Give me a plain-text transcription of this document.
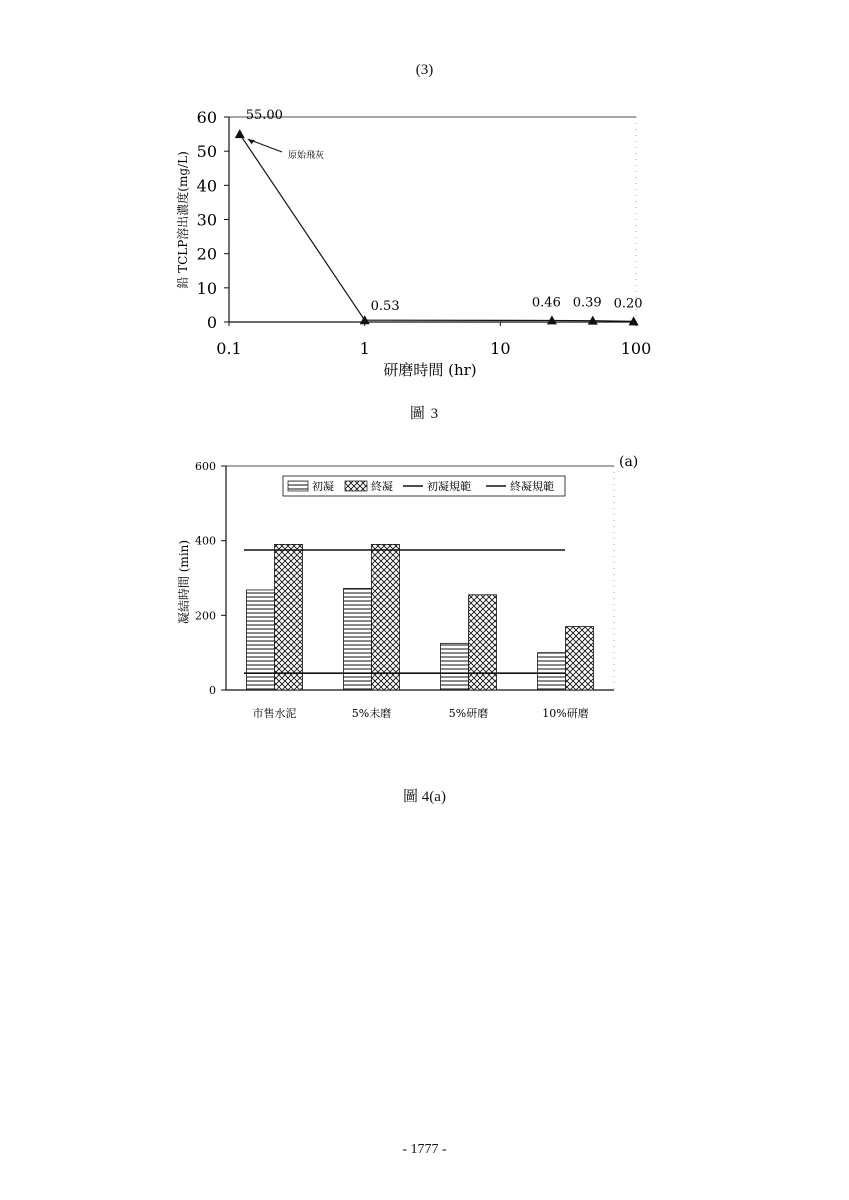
(3)
0
10
20
30
40
50
60
0.1	1	10	100
55.00
0.53	0.46 0.39 0.20
研磨時間 (hr)
鉛 TCLP溶出濃度(mg/L)	原始飛灰
圖 3
0
200
400
600
市售水泥	5%未磨	5%研磨	10%研磨
初凝	終凝	初凝規範	終凝規範
(a)
凝結時間 (min)
圖 4(a)
- 1777 -
